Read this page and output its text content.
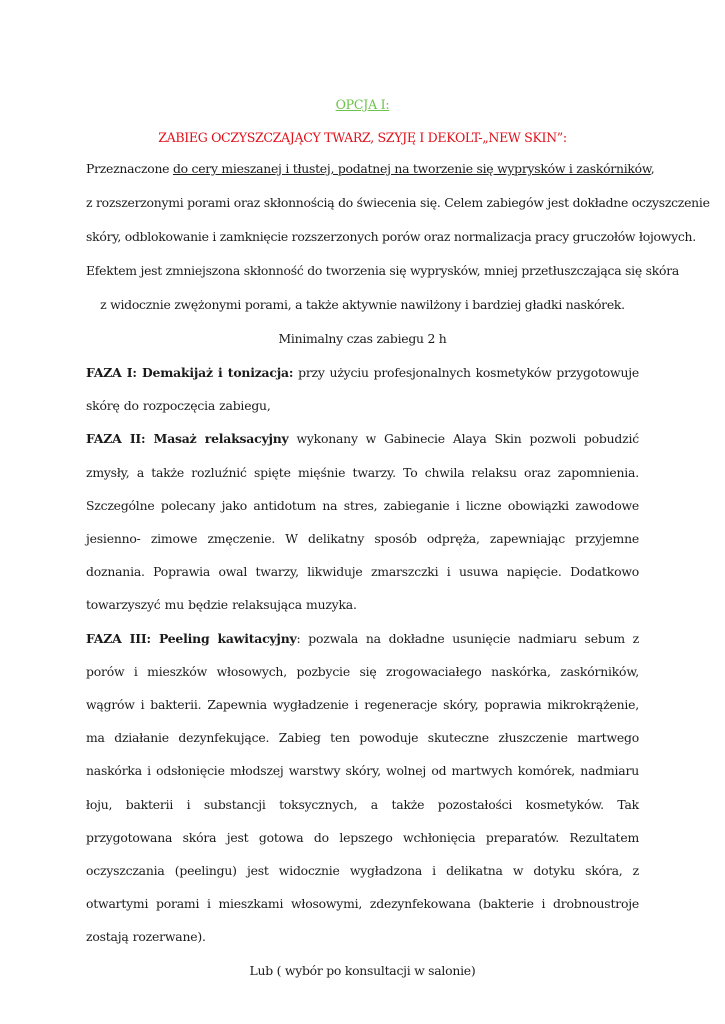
OPCJA I:
ZABIEG OCZYSZCZAJĄCY TWARZ, SZYJĘ I DEKOLT-„NEW SKIN”:
Przeznaczone do cery mieszanej i tłustej, podatnej na tworzenie się wyprysków i zaskórników,
z rozszerzonymi porami oraz skłonnością do świecenia się. Celem zabiegów jest dokładne oczyszczenie
skóry, odblokowanie i zamknięcie rozszerzonych porów oraz normalizacja pracy gruczołów łojowych.
Efektem jest zmniejszona skłonność do tworzenia się wyprysków, mniej przetłuszczająca się skóra
z widocznie zwężonymi porami, a także aktywnie nawilżony i bardziej gładki naskórek.
Minimalny czas zabiegu 2 h

FAZA I: Demakijaż i tonizacja: przy użyciu profesjonalnych kosmetyków przygotowuje skórę do rozpoczęcia zabiegu,

FAZA II: Masaż relaksacyjny wykonany w Gabinecie Alaya Skin pozwoli pobudzić zmysły, a także rozluźnić spięte mięśnie twarzy. To chwila relaksu oraz zapomnienia. Szczególne polecany jako antidotum na stres, zabieganie i liczne obowiązki zawodowe jesienno- zimowe zmęczenie. W delikatny sposób odpręża, zapewniając przyjemne doznania. Poprawia owal twarzy, likwiduje zmarszczki i usuwa napięcie. Dodatkowo towarzyszyć mu będzie relaksująca muzyka.

FAZA III: Peeling kawitacyjny: pozwala na dokładne usunięcie nadmiaru sebum z porów i mieszków włosowych, pozbycie się zrogowaciałego naskórka, zaskórników, wągrów i bakterii. Zapewnia wygładzenie i regeneracje skóry, poprawia mikrokrążenie, ma działanie dezynfekujące. Zabieg ten powoduje skuteczne złuszczenie martwego naskórka i odsłonięcie młodszej warstwy skóry, wolnej od martwych komórek, nadmiaru łoju, bakterii i substancji toksycznych, a także pozostałości kosmetyków. Tak przygotowana skóra jest gotowa do lepszego wchłonięcia preparatów. Rezultatem oczyszczania (peelingu) jest widocznie wygładzona i delikatna w dotyku skóra, z otwartymi porami i mieszkami włosowymi, zdezynfekowana (bakterie i drobnoustroje zostają rozerwane).

Lub ( wybór po konsultacji w salonie)
